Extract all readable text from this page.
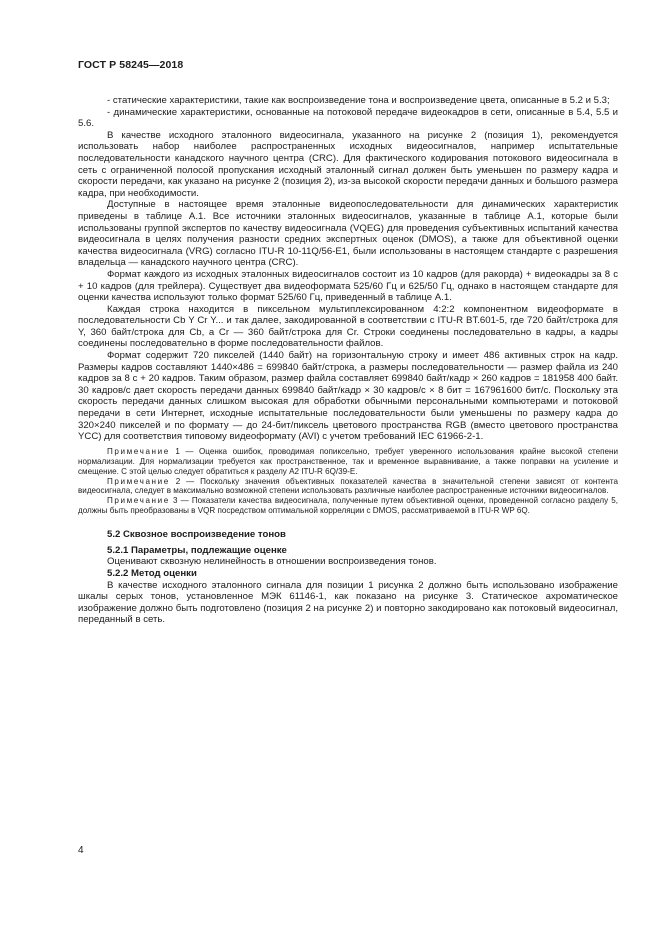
ГОСТ Р 58245—2018

- статические характеристики, такие как воспроизведение тона и воспроизведение цвета, описанные в 5.2 и 5.3;

- динамические характеристики, основанные на потоковой передаче видеокадров в сети, описанные в 5.4, 5.5 и 5.6.

В качестве исходного эталонного видеосигнала, указанного на рисунке 2 (позиция 1), рекомендуется использовать набор наиболее распространенных исходных видеосигналов, например испытательные последовательности канадского научного центра (CRC). Для фактического кодирования потокового видеосигнала в сеть с ограниченной полосой пропускания исходный эталонный сигнал должен быть уменьшен по размеру кадра и скорости передачи, как указано на рисунке 2 (позиция 2), из-за высокой скорости передачи данных и большого размера кадра, при необходимости.

Доступные в настоящее время эталонные видеопоследовательности для динамических характеристик приведены в таблице А.1. Все источники эталонных видеосигналов, указанные в таблице А.1, которые были использованы группой экспертов по качеству видеосигнала (VQEG) для проведения субъективных испытаний качества видеосигнала в целях получения разности средних экспертных оценок (DMOS), а также для объективной оценки качества видеосигнала (VRG) согласно ITU-R 10-11Q/56-E1, были использованы в настоящем стандарте с разрешения владельца — канадского научного центра (CRC).

Формат каждого из исходных эталонных видеосигналов состоит из 10 кадров (для ракорда) + видеокадры за 8 с + 10 кадров (для трейлера). Существует два видеоформата 525/60 Гц и 625/50 Гц, однако в настоящем стандарте для оценки качества используют только формат 525/60 Гц, приведенный в таблице А.1.

Каждая строка находится в пиксельном мультиплексированном 4:2:2 компонентном видеоформате в последовательности Cb Y Cr Y... и так далее, закодированной в соответствии с ITU-R BT.601-5, где 720 байт/строка для Y, 360 байт/строка для Cb, а Cr — 360 байт/строка для Cr. Строки соединены последовательно в кадры, а кадры соединены последовательно в форме последовательности файлов.

Формат содержит 720 пикселей (1440 байт) на горизонтальную строку и имеет 486 активных строк на кадр. Размеры кадров составляют 1440×486 = 699840 байт/строка, а размеры последовательности — размер файла из 240 кадров за 8 с + 20 кадров. Таким образом, размер файла составляет 699840 байт/кадр × 260 кадров = 181958 400 байт. 30 кадров/с дает скорость передачи данных 699840 байт/кадр × 30 кадров/с × 8 бит = 167961600 бит/с. Поскольку эта скорость передачи данных слишком высокая для обработки обычными персональными компьютерами и потоковой передачи в сети Интернет, исходные испытательные последовательности были уменьшены по размеру кадра до 320×240 пикселей и по формату — до 24-бит/пиксель цветового пространства RGB (вместо цветового пространства YCC) для соответствия типовому видеоформату (AVI) с учетом требований IEC 61966-2-1.

Примечание 1 — Оценка ошибок, проводимая попиксельно, требует уверенного использования крайне высокой степени нормализации. Для нормализации требуется как пространственное, так и временное выравнивание, а также поправки на усиление и смещение. С этой целью следует обратиться к разделу А2 ITU-R 6Q/39-E.

Примечание 2 — Поскольку значения объективных показателей качества в значительной степени зависят от контента видеосигнала, следует в максимально возможной степени использовать различные наиболее распространенные источники видеосигналов.

Примечание 3 — Показатели качества видеосигнала, полученные путем объективной оценки, проведенной согласно разделу 5, должны быть преобразованы в VQR посредством оптимальной корреляции с DMOS, рассматриваемой в ITU-R WP 6Q.

5.2 Сквозное воспроизведение тонов

5.2.1 Параметры, подлежащие оценке

Оценивают сквозную нелинейность в отношении воспроизведения тонов.

5.2.2 Метод оценки

В качестве исходного эталонного сигнала для позиции 1 рисунка 2 должно быть использовано изображение шкалы серых тонов, установленное МЭК 61146-1, как показано на рисунке 3. Статическое ахроматическое изображение должно быть подготовлено (позиция 2 на рисунке 2) и повторно закодировано как потоковый видеосигнал, переданный в сеть.

4
